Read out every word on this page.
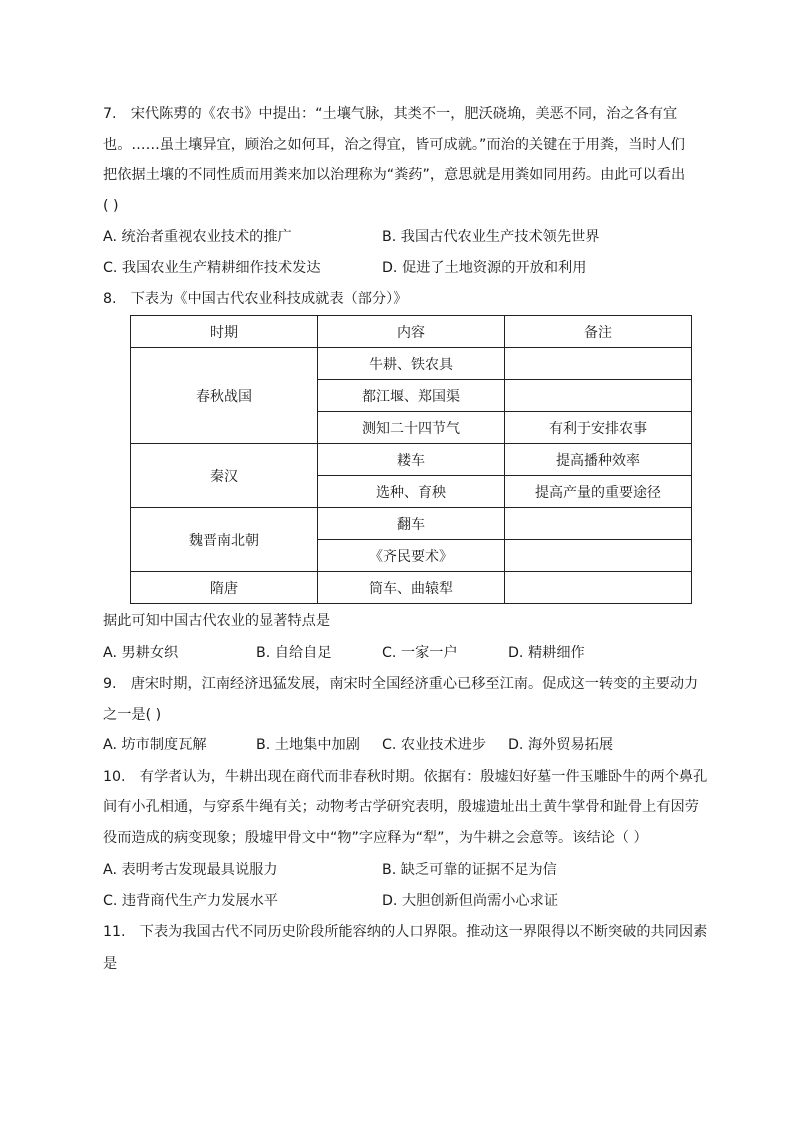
7.　宋代陈旉的《农书》中提出：“土壤气脉，其类不一，肥沃硗埆，美恶不同，治之各有宜
也。……虽土壤异宜，顾治之如何耳，治之得宜，皆可成就。”而治的关键在于用粪，当时人们
把依据土壤的不同性质而用粪来加以治理称为“粪药”，意思就是用粪如同用药。由此可以看出
( )
A. 统治者重视农业技术的推广	B. 我国古代农业生产技术领先世界
C. 我国农业生产精耕细作技术发达	D. 促进了土地资源的开放和利用
8.　下表为《中国古代农业科技成就表（部分）》
时期	内容	备注
春秋战国	牛耕、铁农具	
	都江堰、郑国渠	
	测知二十四节气	有利于安排农事
秦汉	耧车	提高播种效率
	选种、育秧	提高产量的重要途径
魏晋南北朝	翻车	
	《齐民要术》	
隋唐	筒车、曲辕犁	
据此可知中国古代农业的显著特点是
A. 男耕女织	B. 自给自足	C. 一家一户	D. 精耕细作
9.　唐宋时期，江南经济迅猛发展，南宋时全国经济重心已移至江南。促成这一转变的主要动力
之一是( )
A. 坊市制度瓦解	B. 土地集中加剧 C. 农业技术进步 D. 海外贸易拓展
10.　有学者认为，牛耕出现在商代而非春秋时期。依据有：殷墟妇好墓一件玉雕卧牛的两个鼻孔
间有小孔相通，与穿系牛绳有关；动物考古学研究表明，殷墟遗址出土黄牛掌骨和趾骨上有因劳
役而造成的病变现象；殷墟甲骨文中“物”字应释为“犁”，为牛耕之会意等。该结论（ ）
A. 表明考古发现最具说服力	B. 缺乏可靠的证据不足为信
C. 违背商代生产力发展水平	D. 大胆创新但尚需小心求证
11.　下表为我国古代不同历史阶段所能容纳的人口界限。推动这一界限得以不断突破的共同因素
是
